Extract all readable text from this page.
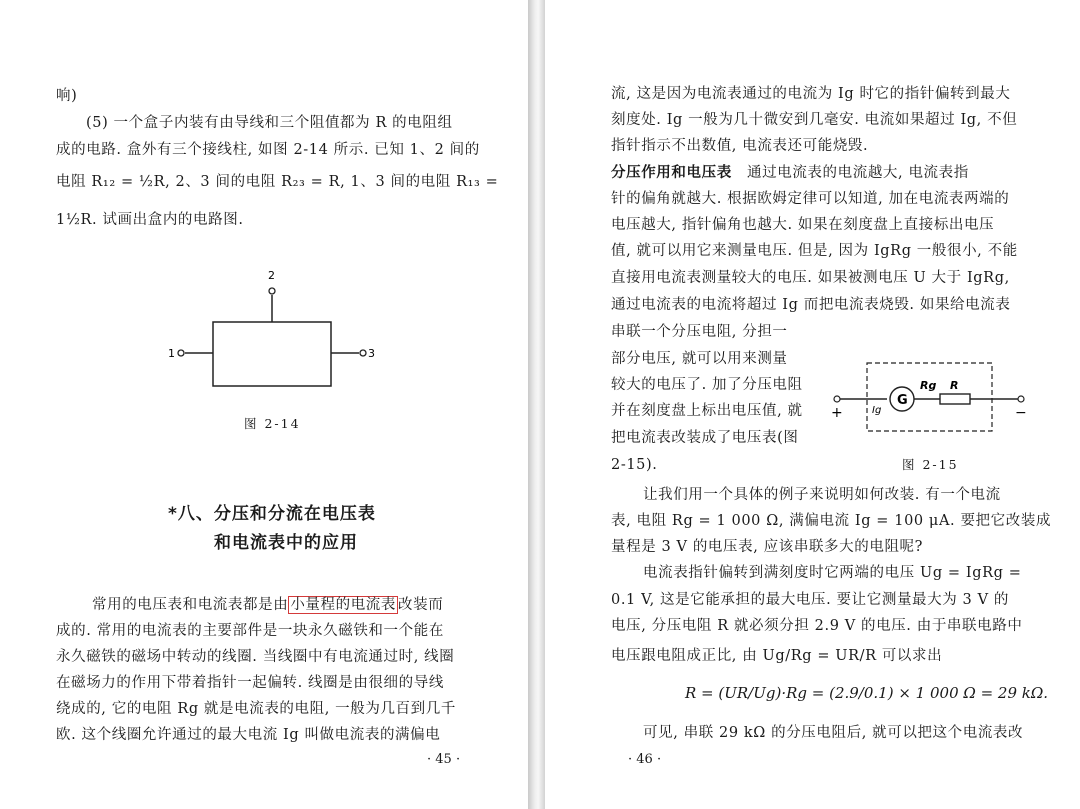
响)
(5) 一个盒子内装有由导线和三个阻值都为 R 的电阻组
成的电路. 盒外有三个接线柱, 如图 2-14 所示. 已知 1、2 间的
电阻 R₁₂ = ½R, 2、3 间的电阻 R₂₃ = R, 1、3 间的电阻 R₁₃ =
1½R. 试画出盒内的电路图.
2
1	3
图 2-14
*八、分压和分流在电压表
和电流表中的应用
常用的电压表和电流表都是由 小量程的电流表 改装而
成的. 常用的电流表的主要部件是一块永久磁铁和一个能在
永久磁铁的磁场中转动的线圈. 当线圈中有电流通过时, 线圈
在磁场力的作用下带着指针一起偏转. 线圈是由很细的导线
绕成的, 它的电阻 Rg 就是电流表的电阻, 一般为几百到几千
欧. 这个线圈允许通过的最大电流 Ig 叫做电流表的满偏电
· 45 ·
流, 这是因为电流表通过的电流为 Ig 时它的指针偏转到最大
刻度处. Ig 一般为几十微安到几毫安. 电流如果超过 Ig, 不但
指针指示不出数值, 电流表还可能烧毁.
分压作用和电压表 通过电流表的电流越大, 电流表指
针的偏角就越大. 根据欧姆定律可以知道, 加在电流表两端的
电压越大, 指针偏角也越大. 如果在刻度盘上直接标出电压
值, 就可以用它来测量电压. 但是, 因为 IgRg 一般很小, 不能
直接用电流表测量较大的电压. 如果被测电压 U 大于 IgRg,
通过电流表的电流将超过 Ig 而把电流表烧毁. 如果给电流表
串联一个分压电阻, 分担一
部分电压, 就可以用来测量
较大的电压了. 加了分压电阻
并在刻度盘上标出电压值, 就
把电流表改装成了电压表(图
2-15).
G
Rg R
Ig
+	−
图 2-15
让我们用一个具体的例子来说明如何改装. 有一个电流
表, 电阻 Rg = 1 000 Ω, 满偏电流 Ig = 100 μA. 要把它改装成
量程是 3 V 的电压表, 应该串联多大的电阻呢?
电流表指针偏转到满刻度时它两端的电压 Ug = IgRg =
0.1 V, 这是它能承担的最大电压. 要让它测量最大为 3 V 的
电压, 分压电阻 R 就必须分担 2.9 V 的电压. 由于串联电路中
电压跟电阻成正比, 由 Ug/Rg = UR/R 可以求出
R = (UR/Ug)·Rg = (2.9/0.1) × 1 000 Ω = 29 kΩ.
可见, 串联 29 kΩ 的分压电阻后, 就可以把这个电流表改
· 46 ·
